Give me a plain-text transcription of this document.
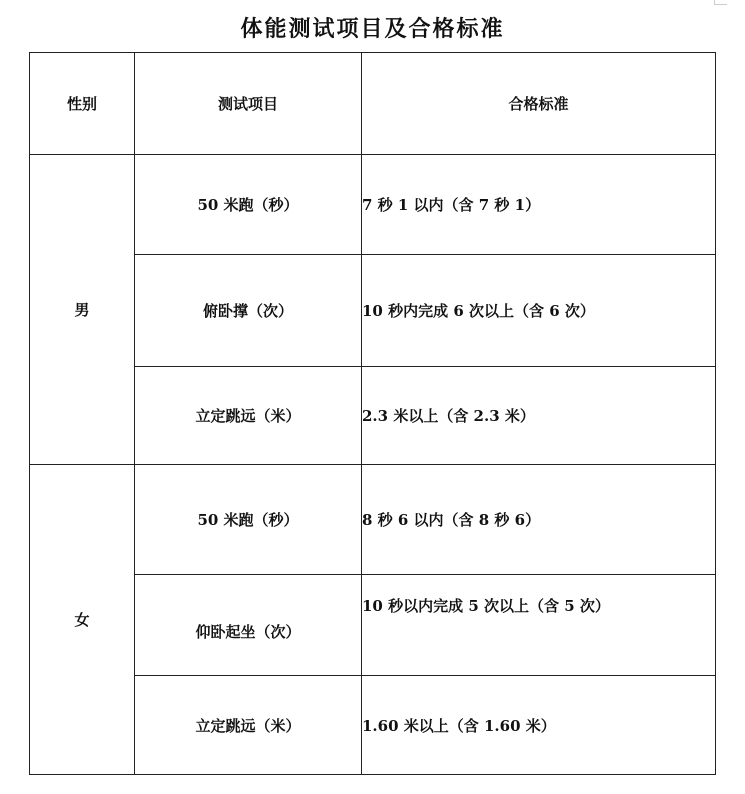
体能测试项目及合格标准
性别	测试项目	合格标准
男	50 米跑（秒）	7 秒 1 以内（含 7 秒 1）
	俯卧撑（次）	10 秒内完成 6 次以上（含 6 次）
	立定跳远（米）	2.3 米以上（含 2.3 米）
女	50 米跑（秒）	8 秒 6 以内（含 8 秒 6）
	仰卧起坐（次）	10 秒以内完成 5 次以上（含 5 次）
	立定跳远（米）	1.60 米以上（含 1.60 米）
